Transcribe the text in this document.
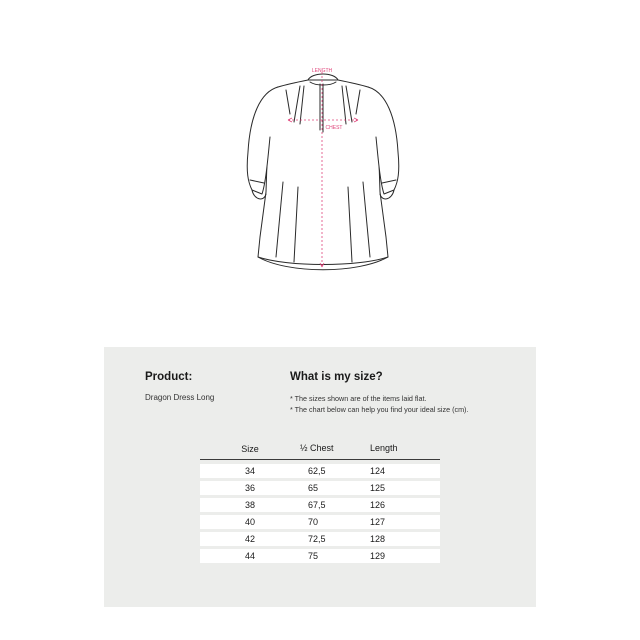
LENGTH
CHEST
Product:
Dragon Dress Long
What is my size?
* The sizes shown are of the items laid flat.
* The chart below can help you find your ideal size (cm).
Size	½ Chest	Length
34	62,5	124
36	65	125
38	67,5	126
40	70	127
42	72,5	128
44	75	129
